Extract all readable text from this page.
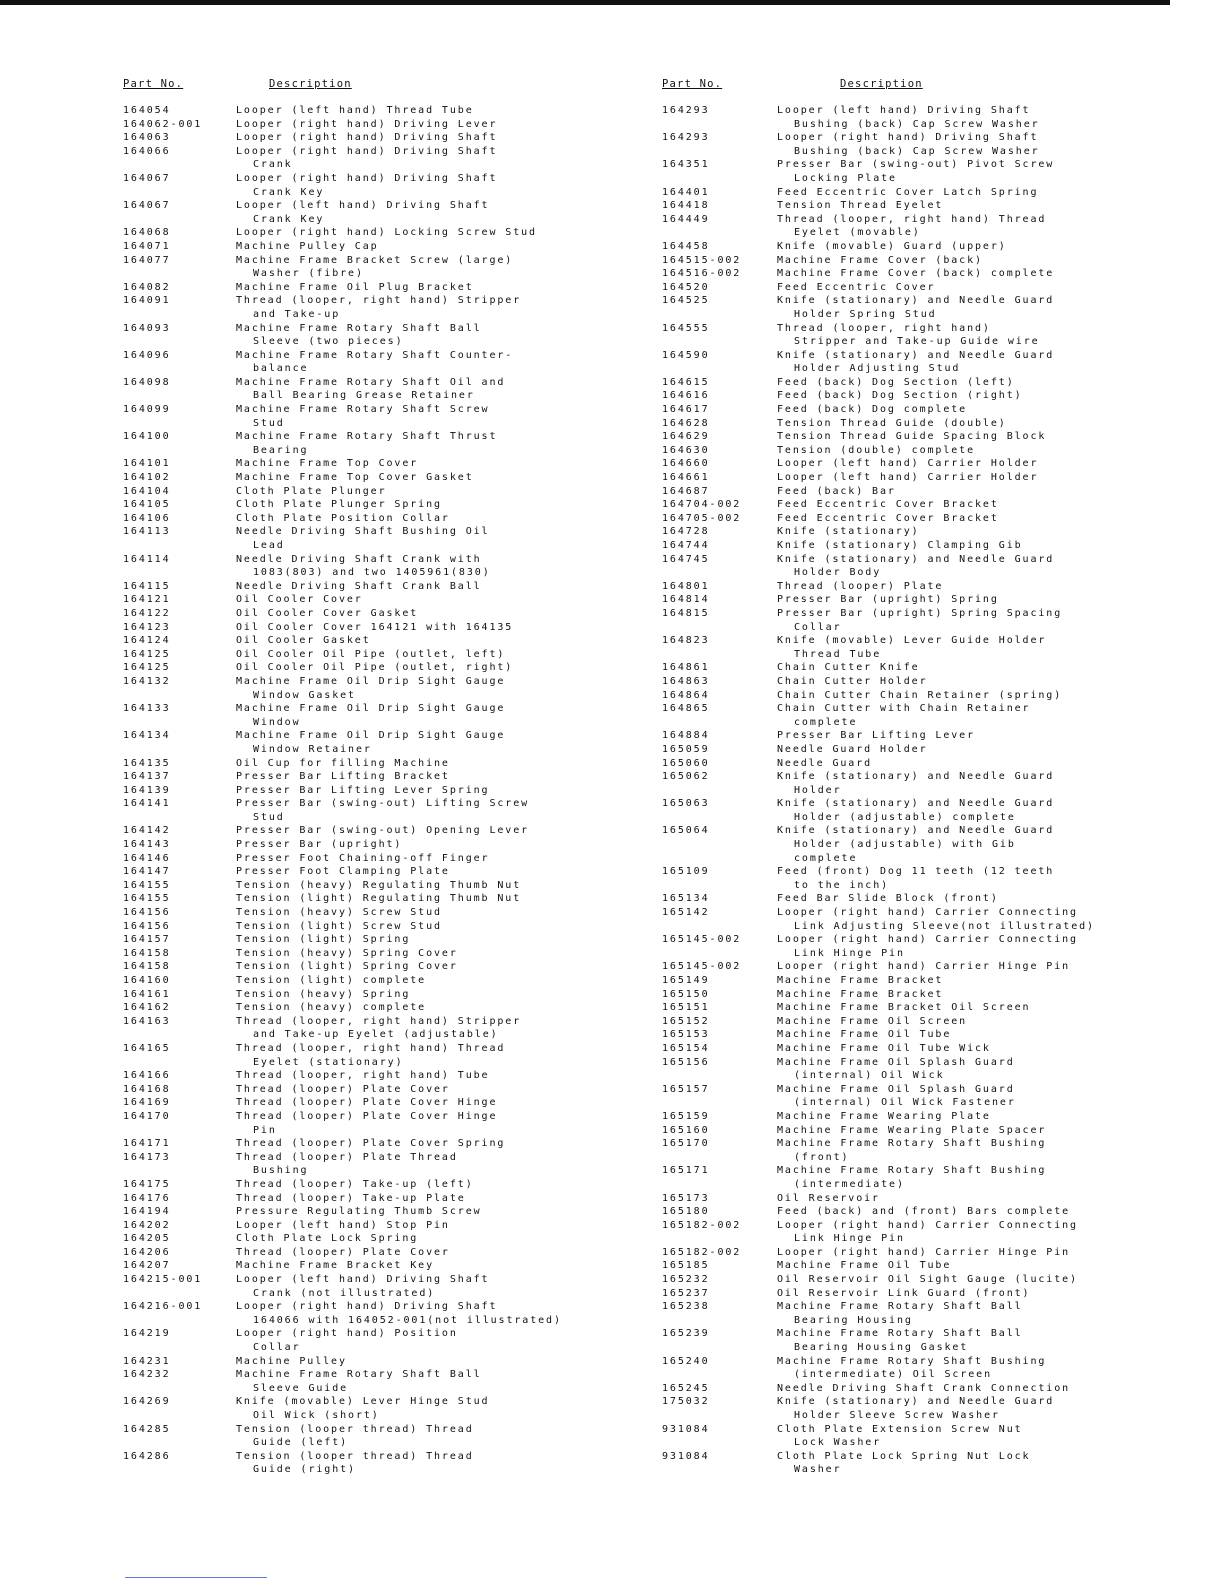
Part No.	Description
164054	Looper (left hand) Thread Tube
164062-001	Looper (right hand) Driving Lever
164063	Looper (right hand) Driving Shaft
164066	Looper (right hand) Driving Shaft
Crank
164067	Looper (right hand) Driving Shaft
Crank Key
164067	Looper (left hand) Driving Shaft
Crank Key
164068	Looper (right hand) Locking Screw Stud
164071	Machine Pulley Cap
164077	Machine Frame Bracket Screw (large)
Washer (fibre)
164082	Machine Frame Oil Plug Bracket
164091	Thread (looper, right hand) Stripper
and Take-up
164093	Machine Frame Rotary Shaft Ball
Sleeve (two pieces)
164096	Machine Frame Rotary Shaft Counter-
balance
164098	Machine Frame Rotary Shaft Oil and
Ball Bearing Grease Retainer
164099	Machine Frame Rotary Shaft Screw
Stud
164100	Machine Frame Rotary Shaft Thrust
Bearing
164101	Machine Frame Top Cover
164102	Machine Frame Top Cover Gasket
164104	Cloth Plate Plunger
164105	Cloth Plate Plunger Spring
164106	Cloth Plate Position Collar
164113	Needle Driving Shaft Bushing Oil
Lead
164114	Needle Driving Shaft Crank with
1083(803) and two 1405961(830)
164115	Needle Driving Shaft Crank Ball
164121	Oil Cooler Cover
164122	Oil Cooler Cover Gasket
164123	Oil Cooler Cover 164121 with 164135
164124	Oil Cooler Gasket
164125	Oil Cooler Oil Pipe (outlet, left)
164125	Oil Cooler Oil Pipe (outlet, right)
164132	Machine Frame Oil Drip Sight Gauge
Window Gasket
164133	Machine Frame Oil Drip Sight Gauge
Window
164134	Machine Frame Oil Drip Sight Gauge
Window Retainer
164135	Oil Cup for filling Machine
164137	Presser Bar Lifting Bracket
164139	Presser Bar Lifting Lever Spring
164141	Presser Bar (swing-out) Lifting Screw
Stud
164142	Presser Bar (swing-out) Opening Lever
164143	Presser Bar (upright)
164146	Presser Foot Chaining-off Finger
164147	Presser Foot Clamping Plate
164155	Tension (heavy) Regulating Thumb Nut
164155	Tension (light) Regulating Thumb Nut
164156	Tension (heavy) Screw Stud
164156	Tension (light) Screw Stud
164157	Tension (light) Spring
164158	Tension (heavy) Spring Cover
164158	Tension (light) Spring Cover
164160	Tension (light) complete
164161	Tension (heavy) Spring
164162	Tension (heavy) complete
164163	Thread (looper, right hand) Stripper
and Take-up Eyelet (adjustable)
164165	Thread (looper, right hand) Thread
Eyelet (stationary)
164166	Thread (looper, right hand) Tube
164168	Thread (looper) Plate Cover
164169	Thread (looper) Plate Cover Hinge
164170	Thread (looper) Plate Cover Hinge
Pin
164171	Thread (looper) Plate Cover Spring
164173	Thread (looper) Plate Thread
Bushing
164175	Thread (looper) Take-up (left)
164176	Thread (looper) Take-up Plate
164194	Pressure Regulating Thumb Screw
164202	Looper (left hand) Stop Pin
164205	Cloth Plate Lock Spring
164206	Thread (looper) Plate Cover
164207	Machine Frame Bracket Key
164215-001	Looper (left hand) Driving Shaft
Crank (not illustrated)
164216-001	Looper (right hand) Driving Shaft
164066 with 164052-001(not illustrated)
164219	Looper (right hand) Position
Collar
164231	Machine Pulley
164232	Machine Frame Rotary Shaft Ball
Sleeve Guide
164269	Knife (movable) Lever Hinge Stud
Oil Wick (short)
164285	Tension (looper thread) Thread
Guide (left)
164286	Tension (looper thread) Thread
Guide (right)
Part No.	Description
164293	Looper (left hand) Driving Shaft
Bushing (back) Cap Screw Washer
164293	Looper (right hand) Driving Shaft
Bushing (back) Cap Screw Washer
164351	Presser Bar (swing-out) Pivot Screw
Locking Plate
164401	Feed Eccentric Cover Latch Spring
164418	Tension Thread Eyelet
164449	Thread (looper, right hand) Thread
Eyelet (movable)
164458	Knife (movable) Guard (upper)
164515-002	Machine Frame Cover (back)
164516-002	Machine Frame Cover (back) complete
164520	Feed Eccentric Cover
164525	Knife (stationary) and Needle Guard
Holder Spring Stud
164555	Thread (looper, right hand)
Stripper and Take-up Guide wire
164590	Knife (stationary) and Needle Guard
Holder Adjusting Stud
164615	Feed (back) Dog Section (left)
164616	Feed (back) Dog Section (right)
164617	Feed (back) Dog complete
164628	Tension Thread Guide (double)
164629	Tension Thread Guide Spacing Block
164630	Tension (double) complete
164660	Looper (left hand) Carrier Holder
164661	Looper (left hand) Carrier Holder
164687	Feed (back) Bar
164704-002	Feed Eccentric Cover Bracket
164705-002	Feed Eccentric Cover Bracket
164728	Knife (stationary)
164744	Knife (stationary) Clamping Gib
164745	Knife (stationary) and Needle Guard
Holder Body
164801	Thread (looper) Plate
164814	Presser Bar (upright) Spring
164815	Presser Bar (upright) Spring Spacing
Collar
164823	Knife (movable) Lever Guide Holder
Thread Tube
164861	Chain Cutter Knife
164863	Chain Cutter Holder
164864	Chain Cutter Chain Retainer (spring)
164865	Chain Cutter with Chain Retainer
complete
164884	Presser Bar Lifting Lever
165059	Needle Guard Holder
165060	Needle Guard
165062	Knife (stationary) and Needle Guard
Holder
165063	Knife (stationary) and Needle Guard
Holder (adjustable) complete
165064	Knife (stationary) and Needle Guard
Holder (adjustable) with Gib
complete
165109	Feed (front) Dog 11 teeth (12 teeth
to the inch)
165134	Feed Bar Slide Block (front)
165142	Looper (right hand) Carrier Connecting
Link Adjusting Sleeve(not illustrated)
165145-002	Looper (right hand) Carrier Connecting
Link Hinge Pin
165145-002	Looper (right hand) Carrier Hinge Pin
165149	Machine Frame Bracket
165150	Machine Frame Bracket
165151	Machine Frame Bracket Oil Screen
165152	Machine Frame Oil Screen
165153	Machine Frame Oil Tube
165154	Machine Frame Oil Tube Wick
165156	Machine Frame Oil Splash Guard
(internal) Oil Wick
165157	Machine Frame Oil Splash Guard
(internal) Oil Wick Fastener
165159	Machine Frame Wearing Plate
165160	Machine Frame Wearing Plate Spacer
165170	Machine Frame Rotary Shaft Bushing
(front)
165171	Machine Frame Rotary Shaft Bushing
(intermediate)
165173	Oil Reservoir
165180	Feed (back) and (front) Bars complete
165182-002	Looper (right hand) Carrier Connecting
Link Hinge Pin
165182-002	Looper (right hand) Carrier Hinge Pin
165185	Machine Frame Oil Tube
165232	Oil Reservoir Oil Sight Gauge (lucite)
165237	Oil Reservoir Link Guard (front)
165238	Machine Frame Rotary Shaft Ball
Bearing Housing
165239	Machine Frame Rotary Shaft Ball
Bearing Housing Gasket
165240	Machine Frame Rotary Shaft Bushing
(intermediate) Oil Screen
165245	Needle Driving Shaft Crank Connection
175032	Knife (stationary) and Needle Guard
Holder Sleeve Screw Washer
931084	Cloth Plate Extension Screw Nut
Lock Washer
931084	Cloth Plate Lock Spring Nut Lock
Washer
